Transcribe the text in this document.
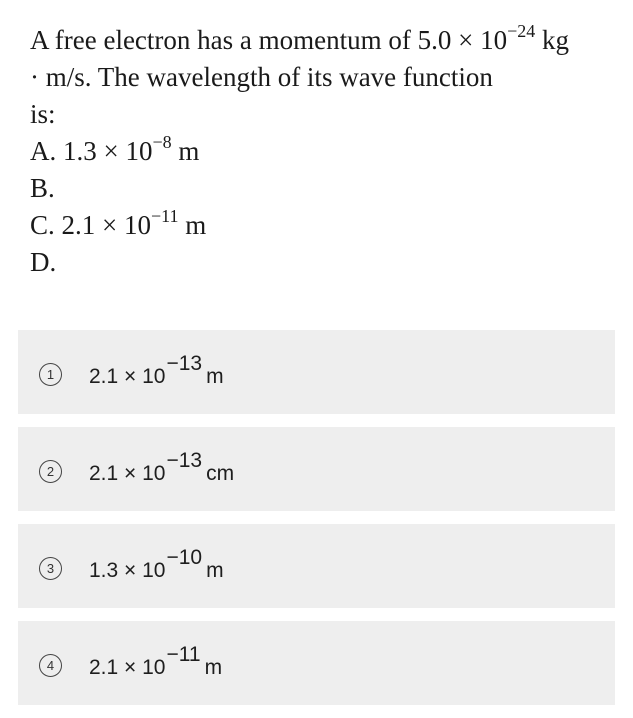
A free electron has a momentum of $5.0 \times 10^{-24}$ kg
· m/s. The wavelength of its wave function
is:
A. $1.3 \times 10^{-8}$ m
B.
C. $2.1 \times 10^{-11}$ m
D.
1	2.1 × 10−13m
2	2.1 × 10−13cm
3	1.3 × 10−10m
4	2.1 × 10−11m
